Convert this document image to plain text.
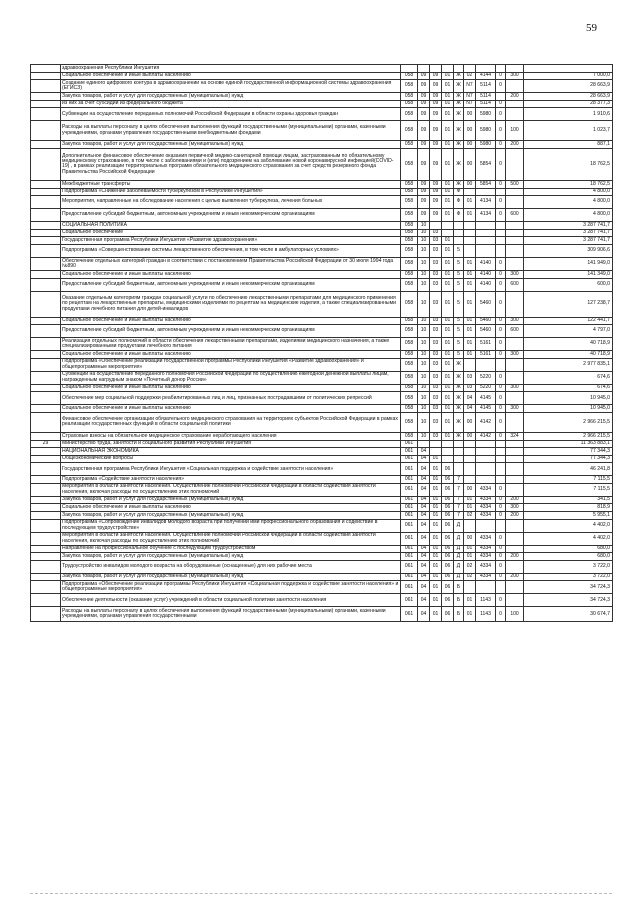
59
	здравоохранения Республики Ингушетия										
	Социальное обеспечение и иные выплаты населению	058	09	09	01	Ж	02	4144	0	300	7 000,0
	Создание единого цифрового контура в здравоохранении на основе единой государственной информационной системы здравоохранения (ЕГИСЗ)	058	09	09	01	Ж	N7	5114	0		28 663,9
	Закупка товаров, работ и услуг для государственных (муниципальных) нужд	058	09	09	01	Ж	N7	5114		200	28 663,9
	из них за счет субсидии из федерального бюджета	058	09	09	01	Ж	N7	5114	0		28 377,3
	Субвенции на осуществление переданных полномочий Российской Федерации в области охраны здоровья граждан	058	09	09	01	Ж	00	5980	0		1 910,6
	Расходы на выплаты персоналу в целях обеспечения выполнения функций государственными (муниципальными) органами, казенными учреждениями, органами управления государственными внебюджетными фондами	058	09	09	01	Ж	00	5980	0	100	1 023,7
	Закупка товаров, работ и услуг для государственных (муниципальных) нужд	058	09	09	01	Ж	00	5980	0	200	887,1
	Дополнительное финансовое обеспечение оказания первичной медико-санитарной помощи лицам, застрахованным по обязательному медицинскому страхованию, в том числе с заболеваниями и (или) подозрением на заболевание новой коронавирусной инфекцией(COVID-19) , в рамках реализации территориальных программ обязательного медицинского страхования за счет средств резервного фонда Правительства Российской Федерации	058	09	09	01	Ж	00	5854	0		18 762,5
	Межбюджетные трансферты	058	09	09	01	Ж	00	5854	0	500	18 762,5
	Подпрограмма «Снижение заболеваемости туберкулезом в Республике Ингушетия»	058	09	09	01	Ф					4 800,0
	Мероприятия, направленные на обследование населения с целью выявления туберкулеза, лечения больных	058	09	09	01	Ф	01	4134	0		4 800,0
	Предоставление субсидий бюджетным, автономным учреждениям и иным некоммерческим организациям	058	09	09	01	Ф	01	4134	0	600	4 800,0
	СОЦИАЛЬНАЯ ПОЛИТИКА	058	10								3 287 741,7
	Социальное обеспечение	058	10	03							3 287 741,7
	Государственная программа Республики Ингушетия «Развитие здравоохранения»	058	10	03	01						3 287 741,7
	Подпрограмма «Совершенствование системы лекарственного обеспечения, в том числе в амбулаторных условиях»	058	10	03	01	5					309 906,6
	Обеспечение отдельных категорий граждан в соответствии с постановлением Правительства Российской Федерации от 30 июля 1994 года №890	058	10	03	01	5	01	4140	0		141 949,0
	Социальное обеспечение и иные выплаты населению	058	10	03	01	5	01	4140	0	300	141 349,0
	Предоставление субсидий бюджетным, автономным учреждениям и иным некоммерческим организациям	058	10	03	01	5	01	4140	0	600	600,0
	Оказание отдельным категориям граждан социальной услуги по обеспечению лекарственными препаратами для медицинского применения по рецептам на лекарственные препараты, медицинскими изделиями по рецептам на медицинские изделия, а также специализированными продуктами лечебного питания для детей-инвалидов	058	10	03	01	5	01	5460	0		127 238,7
	Социальное обеспечение и иные выплаты населению	058	10	03	01	5	01	5460	0	300	122 441,7
	Предоставление субсидий бюджетным, автономным учреждениям и иным некоммерческим организациям	058	10	03	01	5	01	5460	0	600	4 797,0
	Реализация отдельных полномочий в области обеспечения лекарственными препаратами, изделиями медицинского назначения, а также специализированными продуктами лечебного питания	058	10	03	01	5	01	5161	0		40 718,9
	Социальное обеспечение и иные выплаты населению	058	10	03	01	5	01	5161	0	300	40 718,9
	Подпрограмма «Обеспечение реализации государственной программы Республики Ингушетия «Развитие здравоохранения» и общепрограммные мероприятия»	058	10	03	01	Ж					2 977 835,1
	Субвенции на осуществление переданного полномочия Российской Федерации по осуществлению ежегодной денежной выплаты лицам, награжденным нагрудным знаком «Почетный донор России»	058	10	03	01	Ж	03	5220	0		674,6
	Социальное обеспечение и иные выплаты населению	058	10	03	01	Ж	03	5220	0	300	674,6
	Обеспечение мер социальной поддержки реабилитированных лиц и лиц, признанных пострадавшими от политических репрессий	058	10	03	01	Ж	04	4145	0		10 945,0
	Социальное обеспечение и иные выплаты населению	058	10	03	01	Ж	04	4145	0	300	10 945,0
	Финансовое обеспечение организации обязательного медицинского страхования на территориях субъектов Российской Федерации в рамках реализации государственных функций в области социальной политики	058	10	03	01	Ж	00	4142	0		2 966 215,5
	Страховые взносы на обязательное медицинское страхование неработающего населения	058	10	03	01	Ж	00	4142	0	324	2 966 215,5
29	Министерство труда, занятости и социального развития Республики Ингушетия	061									11 363 883,1
	НАЦИОНАЛЬНАЯ ЭКОНОМИКА	061	04								77 344,3
	Общеэкономические вопросы	061	04	01							77 344,3
	Государственная программа Республики Ингушетия «Социальная поддержка и содействие занятости населения»	061	04	01	06						46 241,8
	Подпрограмма «Содействие занятости населения»	061	04	01	06	7					7 115,5
	Мероприятия в области занятости населения. Осуществление полномочий Российской Федерации в области содействия занятости населения, включая расходы по осуществлению этих полномочий	061	04	01	06	7	00	4334	0		7 115,5
	Закупка товаров, работ и услуг для государственных (муниципальных) нужд	061	04	01	06	7	01	4334	0	200	341,5
	Социальное обеспечение и иные выплаты населению	061	04	01	06	7	01	4334	0	300	818,9
	Закупка товаров, работ и услуг для государственных (муниципальных) нужд	061	04	01	06	7	02	4334	0	200	5 955,1
	Подпрограмма «Сопровождение инвалидов молодого возраста при получении ими профессионального образования и содействие в последующем трудоустройстве»	061	04	01	06	Д					4 402,0
	Мероприятия в области занятости населения. Осуществление полномочий Российской Федерации в области содействия занятости населения, включая расходы по осуществлению этих полномочий	061	04	01	06	Д	00	4334	0		4 402,0
	Направление на профессиональное обучение с последующим трудоустройством	061	04	01	06	Д	01	4334	0		680,0
	Закупка товаров, работ и услуг для государственных (муниципальных) нужд	061	04	01	06	Д	01	4334	0	200	680,0
	Трудоустройство инвалидов молодого возраста на оборудованные (оснащенные) для них рабочие места	061	04	01	06	Д	02	4334	0		3 722,0
	Закупка товаров, работ и услуг для государственных (муниципальных) нужд	061	04	01	06	Д	02	4334	0	200	3 722,0
	Подпрограмма «Обеспечение реализации программы Республики Ингушетия «Социальная поддержка и содействие занятости населения» и общепрограммные мероприятия»	061	04	01	06	Б					34 724,3
	Обеспечение деятельности (оказание услуг) учреждений в области социальной политики занятости населения	061	04	01	06	Б	01	1143	0		34 724,3
	Расходы на выплаты персоналу в целях обеспечения выполнения функций государственными (муниципальными) органами, казенными учреждениями, органами управления государственными	061	04	01	06	Б	01	1143	0	100	30 674,7
